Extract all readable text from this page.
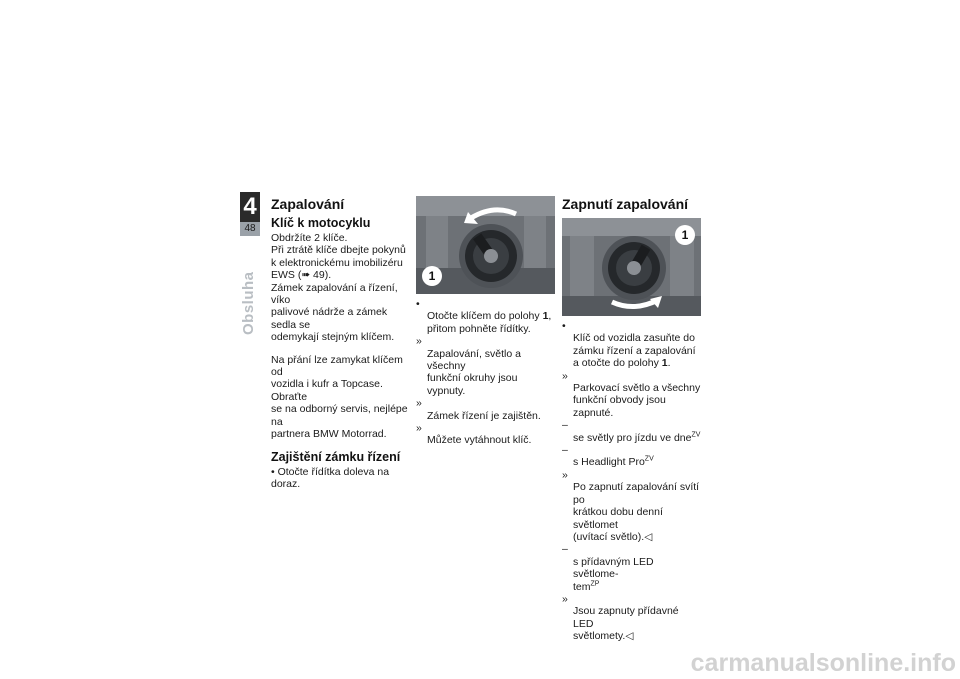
4
48
Obsluha
Zapalování
Klíč k motocyklu

Obdržíte 2 klíče.
Při ztrátě klíče dbejte pokynů
k elektronickému imobilizéru
EWS (➠ 49).
Zámek zapalování a řízení, víko
palivové nádrže a zámek sedla se
odemykají stejným klíčem.

Na přání lze zamykat klíčem od
vozidla i kufr a Topcase. Obraťte
se na odborný servis, nejlépe na
partnera BMW Motorrad.

Zajištění zámku řízení

• Otočte řídítka doleva na doraz.

1

•
Otočte klíčem do polohy 1,
přitom pohněte řídítky.

»
Zapalování, světlo a všechny
funkční okruhy jsou vypnuty.

»
Zámek řízení je zajištěn.

»
Můžete vytáhnout klíč.

Zapnutí zapalování
1

•
Klíč od vozidla zasuňte do
zámku řízení a zapalování
a otočte do polohy 1.

»
Parkovací světlo a všechny
funkční obvody jsou zapnuté.

–
se světly pro jízdu ve dne$^{ZV}$

–
s Headlight Pro$^{ZV}$

»
Po zapnutí zapalování svítí po
krátkou dobu denní světlomet
(uvítací světlo).◁

–
s přídavným LED světlome-
tem$^{ZP}$

»
Jsou zapnuty přídavné LED
světlomety.◁

carmanualsonline.info
